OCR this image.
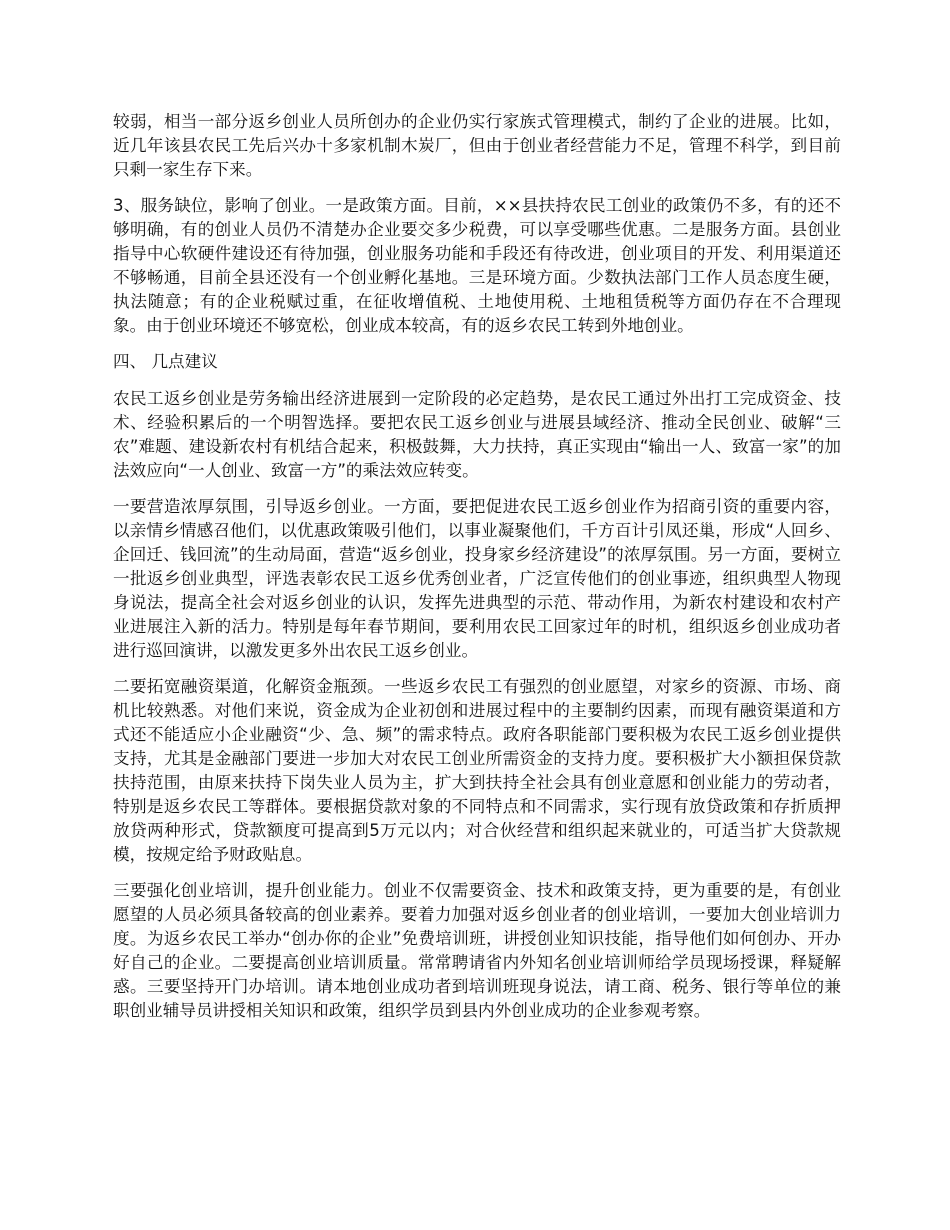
较弱，相当一部分返乡创业人员所创办的企业仍实行家族式管理模式，制约了企业的进展。比如，近几年该县农民工先后兴办十多家机制木炭厂，但由于创业者经营能力不足，管理不科学，到目前只剩一家生存下来。

3、服务缺位，影响了创业。一是政策方面。目前，××县扶持农民工创业的政策仍不多，有的还不够明确，有的创业人员仍不清楚办企业要交多少税费，可以享受哪些优惠。二是服务方面。县创业指导中心软硬件建设还有待加强，创业服务功能和手段还有待改进，创业项目的开发、利用渠道还不够畅通，目前全县还没有一个创业孵化基地。三是环境方面。少数执法部门工作人员态度生硬，执法随意；有的企业税赋过重，在征收增值税、土地使用税、土地租赁税等方面仍存在不合理现象。由于创业环境还不够宽松，创业成本较高，有的返乡农民工转到外地创业。

四、 几点建议

农民工返乡创业是劳务输出经济进展到一定阶段的必定趋势，是农民工通过外出打工完成资金、技术、经验积累后的一个明智选择。要把农民工返乡创业与进展县域经济、推动全民创业、破解“三农”难题、建设新农村有机结合起来，积极鼓舞，大力扶持，真正实现由“输出一人、致富一家”的加法效应向“一人创业、致富一方”的乘法效应转变。

一要营造浓厚氛围，引导返乡创业。一方面，要把促进农民工返乡创业作为招商引资的重要内容，以亲情乡情感召他们，以优惠政策吸引他们，以事业凝聚他们，千方百计引凤还巢，形成“人回乡、企回迁、钱回流”的生动局面，营造“返乡创业，投身家乡经济建设”的浓厚氛围。另一方面，要树立一批返乡创业典型，评选表彰农民工返乡优秀创业者，广泛宣传他们的创业事迹，组织典型人物现身说法，提高全社会对返乡创业的认识，发挥先进典型的示范、带动作用，为新农村建设和农村产业进展注入新的活力。特别是每年春节期间，要利用农民工回家过年的时机，组织返乡创业成功者进行巡回演讲，以激发更多外出农民工返乡创业。

二要拓宽融资渠道，化解资金瓶颈。一些返乡农民工有强烈的创业愿望，对家乡的资源、市场、商机比较熟悉。对他们来说，资金成为企业初创和进展过程中的主要制约因素，而现有融资渠道和方式还不能适应小企业融资“少、急、频”的需求特点。政府各职能部门要积极为农民工返乡创业提供支持，尤其是金融部门要进一步加大对农民工创业所需资金的支持力度。要积极扩大小额担保贷款扶持范围，由原来扶持下岗失业人员为主，扩大到扶持全社会具有创业意愿和创业能力的劳动者，特别是返乡农民工等群体。要根据贷款对象的不同特点和不同需求，实行现有放贷政策和存折质押放贷两种形式，贷款额度可提高到5万元以内；对合伙经营和组织起来就业的，可适当扩大贷款规模，按规定给予财政贴息。

三要强化创业培训，提升创业能力。创业不仅需要资金、技术和政策支持，更为重要的是，有创业愿望的人员必须具备较高的创业素养。要着力加强对返乡创业者的创业培训，一要加大创业培训力度。为返乡农民工举办“创办你的企业”免费培训班，讲授创业知识技能，指导他们如何创办、开办好自己的企业。二要提高创业培训质量。常常聘请省内外知名创业培训师给学员现场授课，释疑解惑。三要坚持开门办培训。请本地创业成功者到培训班现身说法，请工商、税务、银行等单位的兼职创业辅导员讲授相关知识和政策，组织学员到县内外创业成功的企业参观考察。
